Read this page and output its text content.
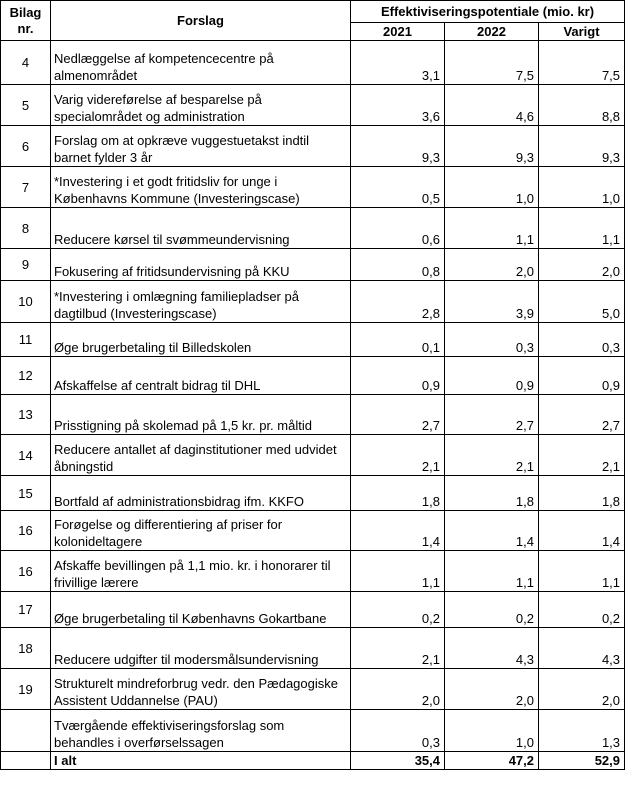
Bilag
nr.	Forslag	Effektiviseringspotentiale (mio. kr)		
		2021	2022	Varigt
4	Nedlæggelse af kompetencecentre på almenområdet	3,1	7,5	7,5
5	Varig videreførelse af besparelse på specialområdet og administration	3,6	4,6	8,8
6	Forslag om at opkræve vuggestuetakst indtil barnet fylder 3 år	9,3	9,3	9,3
7	*Investering i et godt fritidsliv for unge i Københavns Kommune (Investeringscase)	0,5	1,0	1,0
8	Reducere kørsel til svømmeundervisning	0,6	1,1	1,1
9	Fokusering af fritidsundervisning på KKU	0,8	2,0	2,0
10	*Investering i omlægning familiepladser på dagtilbud (Investeringscase)	2,8	3,9	5,0
11	Øge brugerbetaling til Billedskolen	0,1	0,3	0,3
12	Afskaffelse af centralt bidrag til DHL	0,9	0,9	0,9
13	Prisstigning på skolemad på 1,5 kr. pr. måltid	2,7	2,7	2,7
14	Reducere antallet af daginstitutioner med udvidet åbningstid	2,1	2,1	2,1
15	Bortfald af administrationsbidrag ifm. KKFO	1,8	1,8	1,8
16	Forøgelse og differentiering af priser for kolonideltagere	1,4	1,4	1,4
16	Afskaffe bevillingen på 1,1 mio. kr. i honorarer til frivillige lærere	1,1	1,1	1,1
17	Øge brugerbetaling til Københavns Gokartbane	0,2	0,2	0,2
18	Reducere udgifter til modersmålsundervisning	2,1	4,3	4,3
19	Strukturelt mindreforbrug vedr. den Pædagogiske Assistent Uddannelse (PAU)	2,0	2,0	2,0
	Tværgående effektiviseringsforslag som behandles i overførselssagen	0,3	1,0	1,3
	I alt	35,4	47,2	52,9
